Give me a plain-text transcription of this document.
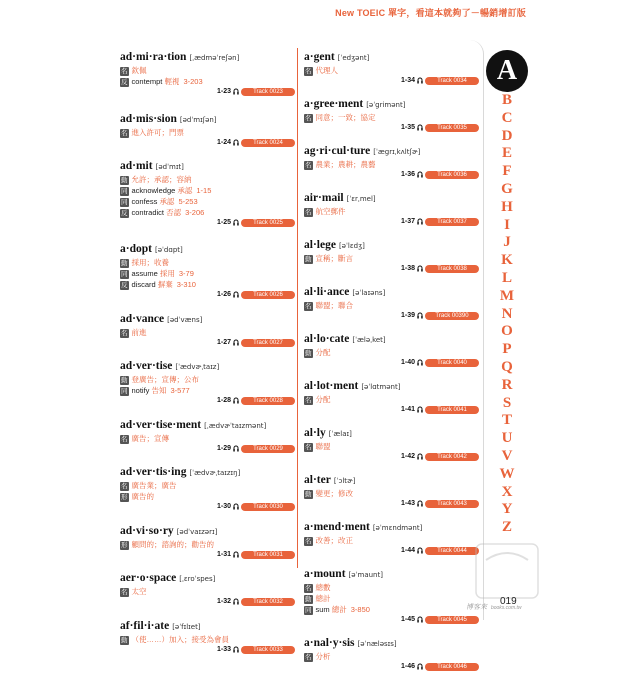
New TOEIC 單字，看這本就夠了－暢銷增訂版
ad·mi·ra·tion [ˌædməˈreʃən]
名 欽佩
反 contempt 輕視 3-203
1-23	Track 0023
ad·mis·sion [ədˈmɪʃən]
名 進入許可；門票
1-24	Track 0024
ad·mit [ədˈmɪt]
動 允許；承認；容納
同 acknowledge 承認 1-15
同 confess 承認 5-253
反 contradict 否認 3-206
1-25	Track 0025
a·dopt [əˈdɑpt]
動 採用；收養
同 assume 採用 3-79
反 discard 摒棄 3-310
1-26	Track 0026
ad·vance [ədˈvæns]
名 前進
1-27	Track 0027
ad·ver·tise [ˈædvɚˌtaɪz]
動 登廣告；宣傳；公布
同 notify 告知 3-577
1-28	Track 0028
ad·ver·tise·ment [ˌædvɚˈtaɪzmənt]
名 廣告；宣傳
1-29	Track 0029
ad·ver·tis·ing [ˈædvɚˌtaɪzɪŋ]
名 廣告業；廣告
形 廣告的
1-30	Track 0030
ad·vi·so·ry [ədˈvaɪzərɪ]
形 顧問的；諮詢的；勸告的
1-31	Track 0031
aer·o·space [ˌɛroˈspes]
名 太空
1-32	Track 0032
af·fil·i·ate [əˈfɪlɪet]
動 （使……）加入；接受為會員
1-33	Track 0033
a·gent [ˈedʒənt]
名 代理人
1-34	Track 0034
a·gree·ment [əˈgrimənt]
名 同意；一致；協定
1-35	Track 0035
ag·ri·cul·ture [ˈægrɪˌkʌltʃɚ]
名 農業；農耕；農藝
1-36	Track 0036
air·mail [ˈɛrˌmel]
名 航空郵件
1-37	Track 0037
al·lege [əˈlɛdʒ]
動 宣稱；斷言
1-38	Track 0038
al·li·ance [əˈlaɪəns]
名 聯盟；聯合
1-39	Track 00390
al·lo·cate [ˈæləˌket]
動 分配
1-40	Track 0040
al·lot·ment [əˈlɑtmənt]
名 分配
1-41	Track 0041
al·ly [ˈælaɪ]
名 聯盟
1-42	Track 0042
al·ter [ˈɔltɚ]
動 變更；修改
1-43	Track 0043
a·mend·ment [əˈmɛndmənt]
名 改善；改正
1-44	Track 0044
a·mount [əˈmaunt]
名 總數
動 總計
同 sum 總計 3-850
1-45	Track 0045
a·nal·y·sis [əˈnæləsɪs]
名 分析
1-46	Track 0046
A
B
C
D
E
F
G
H
I
J
K
L
M
N
O
P
Q
R
S
T
U
V
W
X
Y
Z
博客來 books.com.tw
019
